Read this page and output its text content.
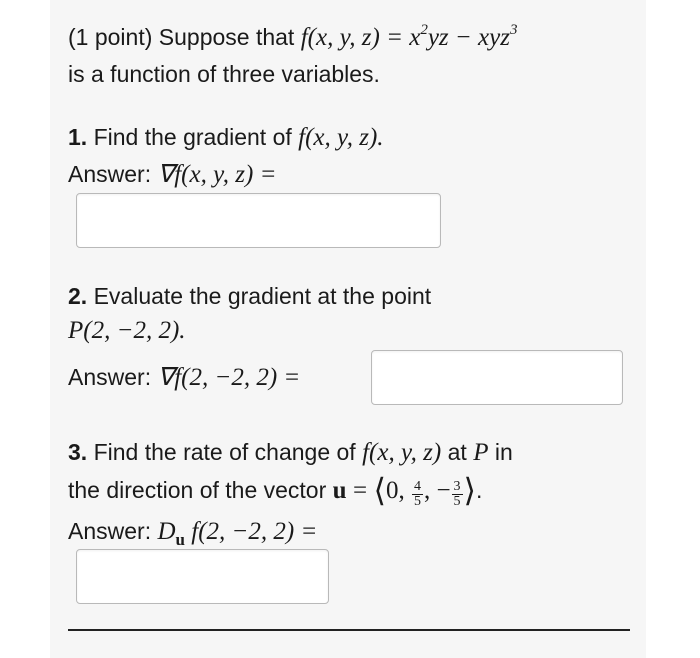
(1 point) Suppose that f(x, y, $z) = x^2yz - xyz^3$
is a function of three variables.
1. Find the gradient of f(x, y, z).
Answer: ∇f(x, y, z) =
2. Evaluate the gradient at the point
P(2, −2, 2).
Answer: ∇f(2, −2, 2) =
3. Find the rate of change of f(x, y, z) at P in
the direction of the vector u = ⟨0, $\frac{4}{5}$ , − $\frac{3}{5}$ ⟩.
Answer: $D_u$ f(2, −2, 2) =
